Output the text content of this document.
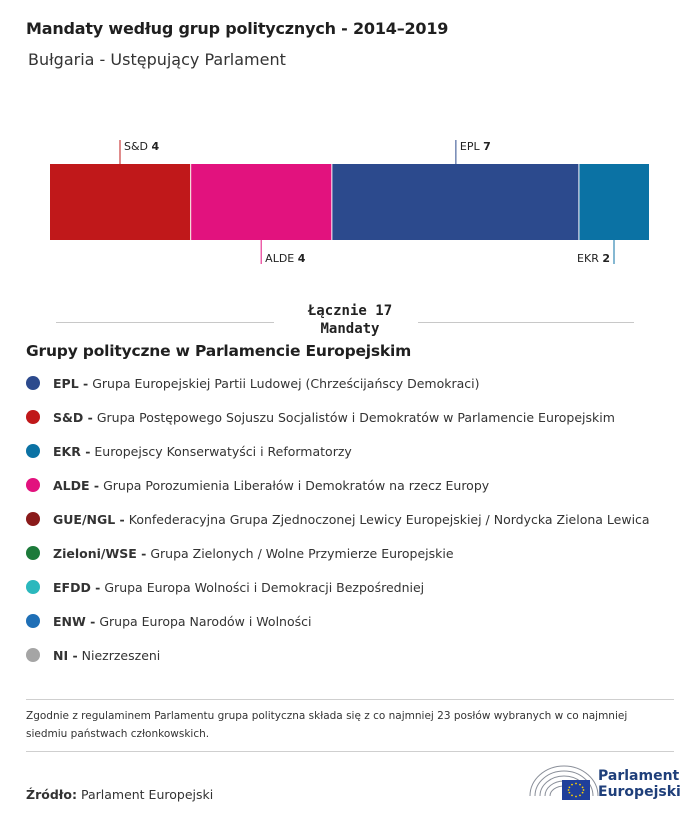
Mandaty według grup politycznych - 2014–2019
Bułgaria - Ustępujący Parlament
S&D 4
ALDE 4
EPL 7
EKR 2
Łącznie 17
Mandaty
Grupy polityczne w Parlamencie Europejskim
EPL - Grupa Europejskiej Partii Ludowej (Chrześcijańscy Demokraci)
S&D - Grupa Postępowego Sojuszu Socjalistów i Demokratów w Parlamencie Europejskim
EKR - Europejscy Konserwatyści i Reformatorzy
ALDE - Grupa Porozumienia Liberałów i Demokratów na rzecz Europy
GUE/NGL - Konfederacyjna Grupa Zjednoczonej Lewicy Europejskiej / Nordycka Zielona Lewica
Zieloni/WSE - Grupa Zielonych / Wolne Przymierze Europejskie
EFDD - Grupa Europa Wolności i Demokracji Bezpośredniej
ENW - Grupa Europa Narodów i Wolności
NI - Niezrzeszeni
Zgodnie z regulaminem Parlamentu grupa polityczna składa się z co najmniej 23 posłów wybranych w co najmniej siedmiu państwach członkowskich.
Źródło: Parlament Europejski
Parlament
Europejski
